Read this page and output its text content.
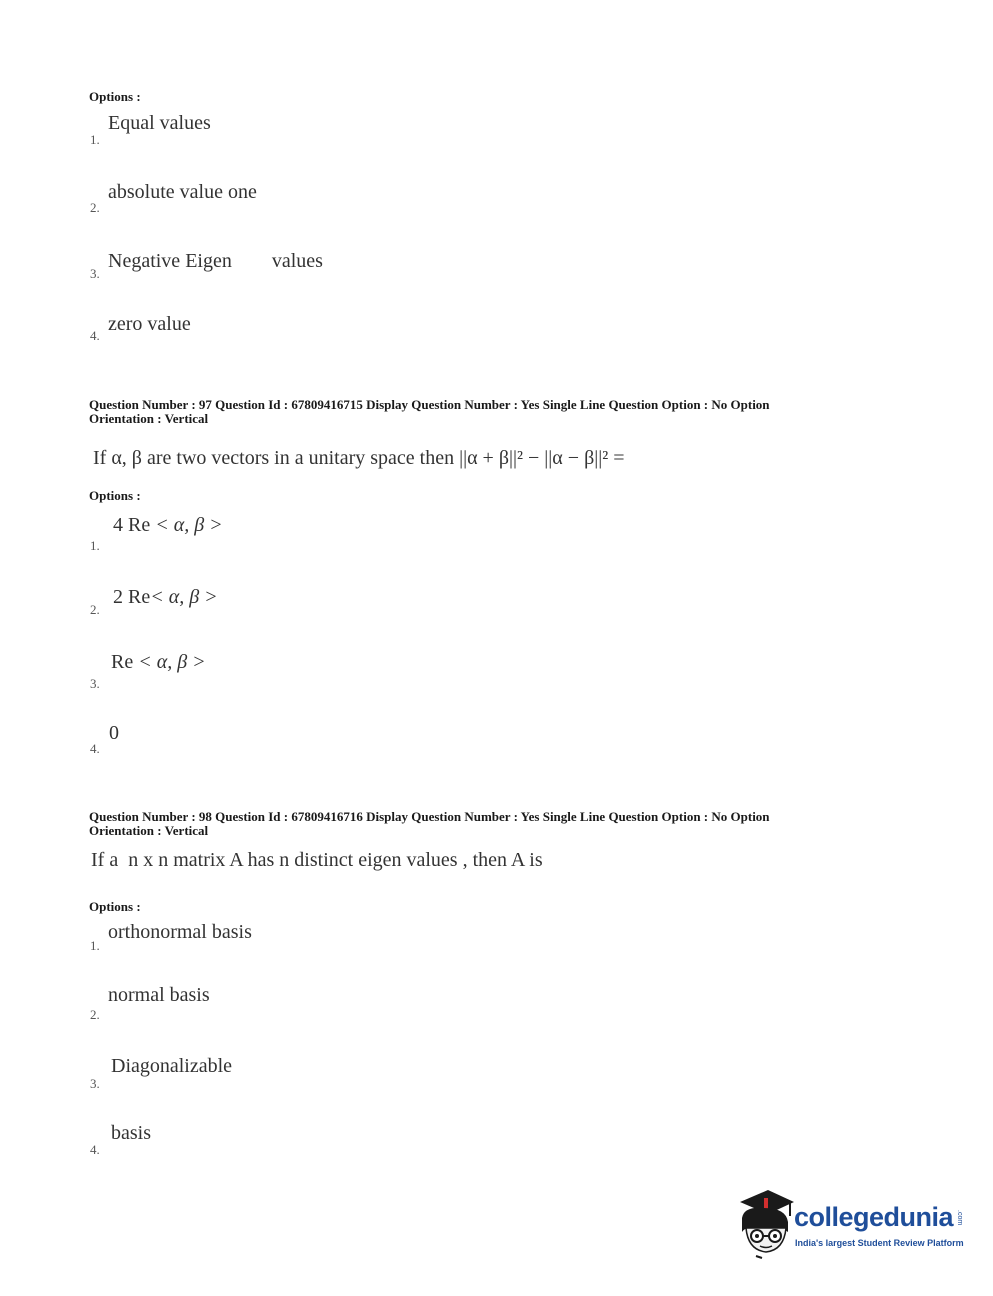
Options :
1.
Equal values
2.
absolute value one
3.
Negative Eigen        values
4.
zero value
Question Number : 97 Question Id : 67809416715 Display Question Number : Yes Single Line Question Option : No Option
Orientation : Vertical
If α, β are two vectors in a unitary space then ||α + β||² − ||α − β||² =
Options :
1.
4 Re < α, β >
2.
2 Re< α, β >
3.
Re < α, β >
4.
0
Question Number : 98 Question Id : 67809416716 Display Question Number : Yes Single Line Question Option : No Option
Orientation : Vertical
If a  n x n matrix A has n distinct eigen values , then A is
Options :
1.
orthonormal basis
2.
normal basis
3.
Diagonalizable
4.
basis
collegedunia .com
India's largest Student Review Platform
